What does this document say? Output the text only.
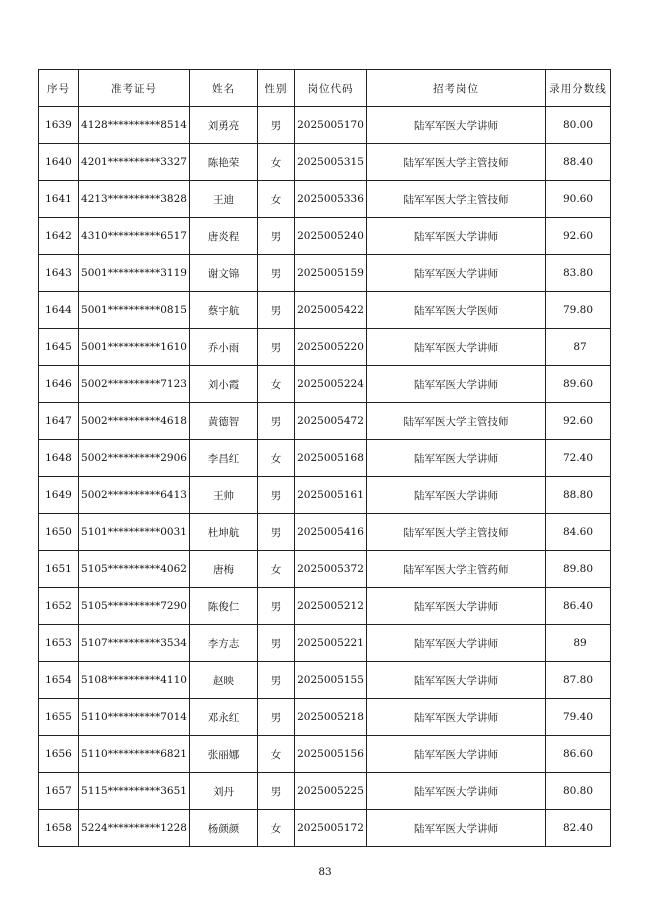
序号	准考证号	姓名	性别	岗位代码	招考岗位	录用分数线
1639	4128**********8514	刘勇亮	男	2025005170	陆军军医大学讲师	80.00
1640	4201**********3327	陈艳荣	女	2025005315	陆军军医大学主管技师	88.40
1641	4213**********3828	王迪	女	2025005336	陆军军医大学主管技师	90.60
1642	4310**********6517	唐炎程	男	2025005240	陆军军医大学讲师	92.60
1643	5001**********3119	谢文锦	男	2025005159	陆军军医大学讲师	83.80
1644	5001**********0815	蔡宇航	男	2025005422	陆军军医大学医师	79.80
1645	5001**********1610	乔小雨	男	2025005220	陆军军医大学讲师	87
1646	5002**********7123	刘小霞	女	2025005224	陆军军医大学讲师	89.60
1647	5002**********4618	黄德智	男	2025005472	陆军军医大学主管技师	92.60
1648	5002**********2906	李昌红	女	2025005168	陆军军医大学讲师	72.40
1649	5002**********6413	王帅	男	2025005161	陆军军医大学讲师	88.80
1650	5101**********0031	杜坤航	男	2025005416	陆军军医大学主管技师	84.60
1651	5105**********4062	唐梅	女	2025005372	陆军军医大学主管药师	89.80
1652	5105**********7290	陈俊仁	男	2025005212	陆军军医大学讲师	86.40
1653	5107**********3534	李方志	男	2025005221	陆军军医大学讲师	89
1654	5108**********4110	赵映	男	2025005155	陆军军医大学讲师	87.80
1655	5110**********7014	邓永红	男	2025005218	陆军军医大学讲师	79.40
1656	5110**********6821	张丽娜	女	2025005156	陆军军医大学讲师	86.60
1657	5115**********3651	刘丹	男	2025005225	陆军军医大学讲师	80.80
1658	5224**********1228	杨颜颜	女	2025005172	陆军军医大学讲师	82.40
83
